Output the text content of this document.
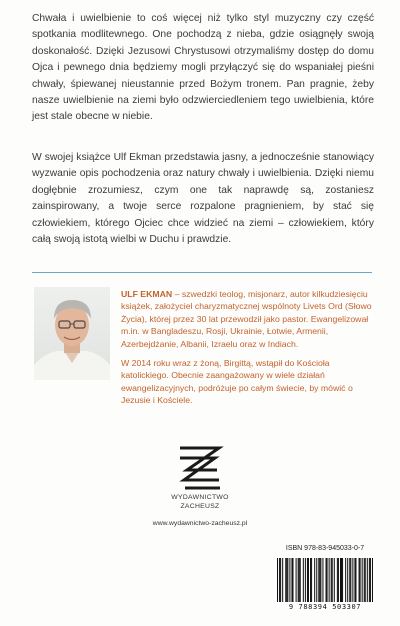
Chwała i uwielbienie to coś więcej niż tylko styl muzyczny czy część spotkania modlitewnego. One pochodzą z nieba, gdzie osiągnęły swoją doskonałość. Dzięki Jezusowi Chrystusowi otrzymaliśmy dostęp do domu Ojca i pewnego dnia będziemy mogli przyłączyć się do wspaniałej pieśni chwały, śpiewanej nieustannie przed Bożym tronem. Pan pragnie, żeby nasze uwielbienie na ziemi było odzwierciedleniem tego uwielbienia, które jest stale obecne w niebie.
W swojej książce Ulf Ekman przedstawia jasny, a jednocześnie stanowiący wyzwanie opis pochodzenia oraz natury chwały i uwielbienia. Dzięki niemu dogłębnie zrozumiesz, czym one tak naprawdę są, zostaniesz zainspirowany, a twoje serce rozpalone pragnieniem, by stać się człowiekiem, którego Ojciec chce widzieć na ziemi – człowiekiem, który całą swoją istotą wielbi w Duchu i prawdzie.

ULF EKMAN – szwedzki teolog, misjonarz, autor kilkudziesięciu książek, założyciel charyzmatycznej wspólnoty Livets Ord (Słowo Życia), której przez 30 lat przewodził jako pastor. Ewangelizował m.in. w Bangladeszu, Rosji, Ukrainie, Łotwie, Armenii, Azerbejdżanie, Albanii, Izraelu oraz w Indiach.

W 2014 roku wraz z żoną, Birgittą, wstąpił do Kościoła katolickiego. Obecnie zaangażowany w wiele działań ewangelizacyjnych, podróżuje po całym świecie, by mówić o Jezusie i Kościele.

WYDAWNICTWO
ZACHEUSZ
www.wydawnictwo-zacheusz.pl
ISBN 978-83-945033-0-7
9 788394 503307
